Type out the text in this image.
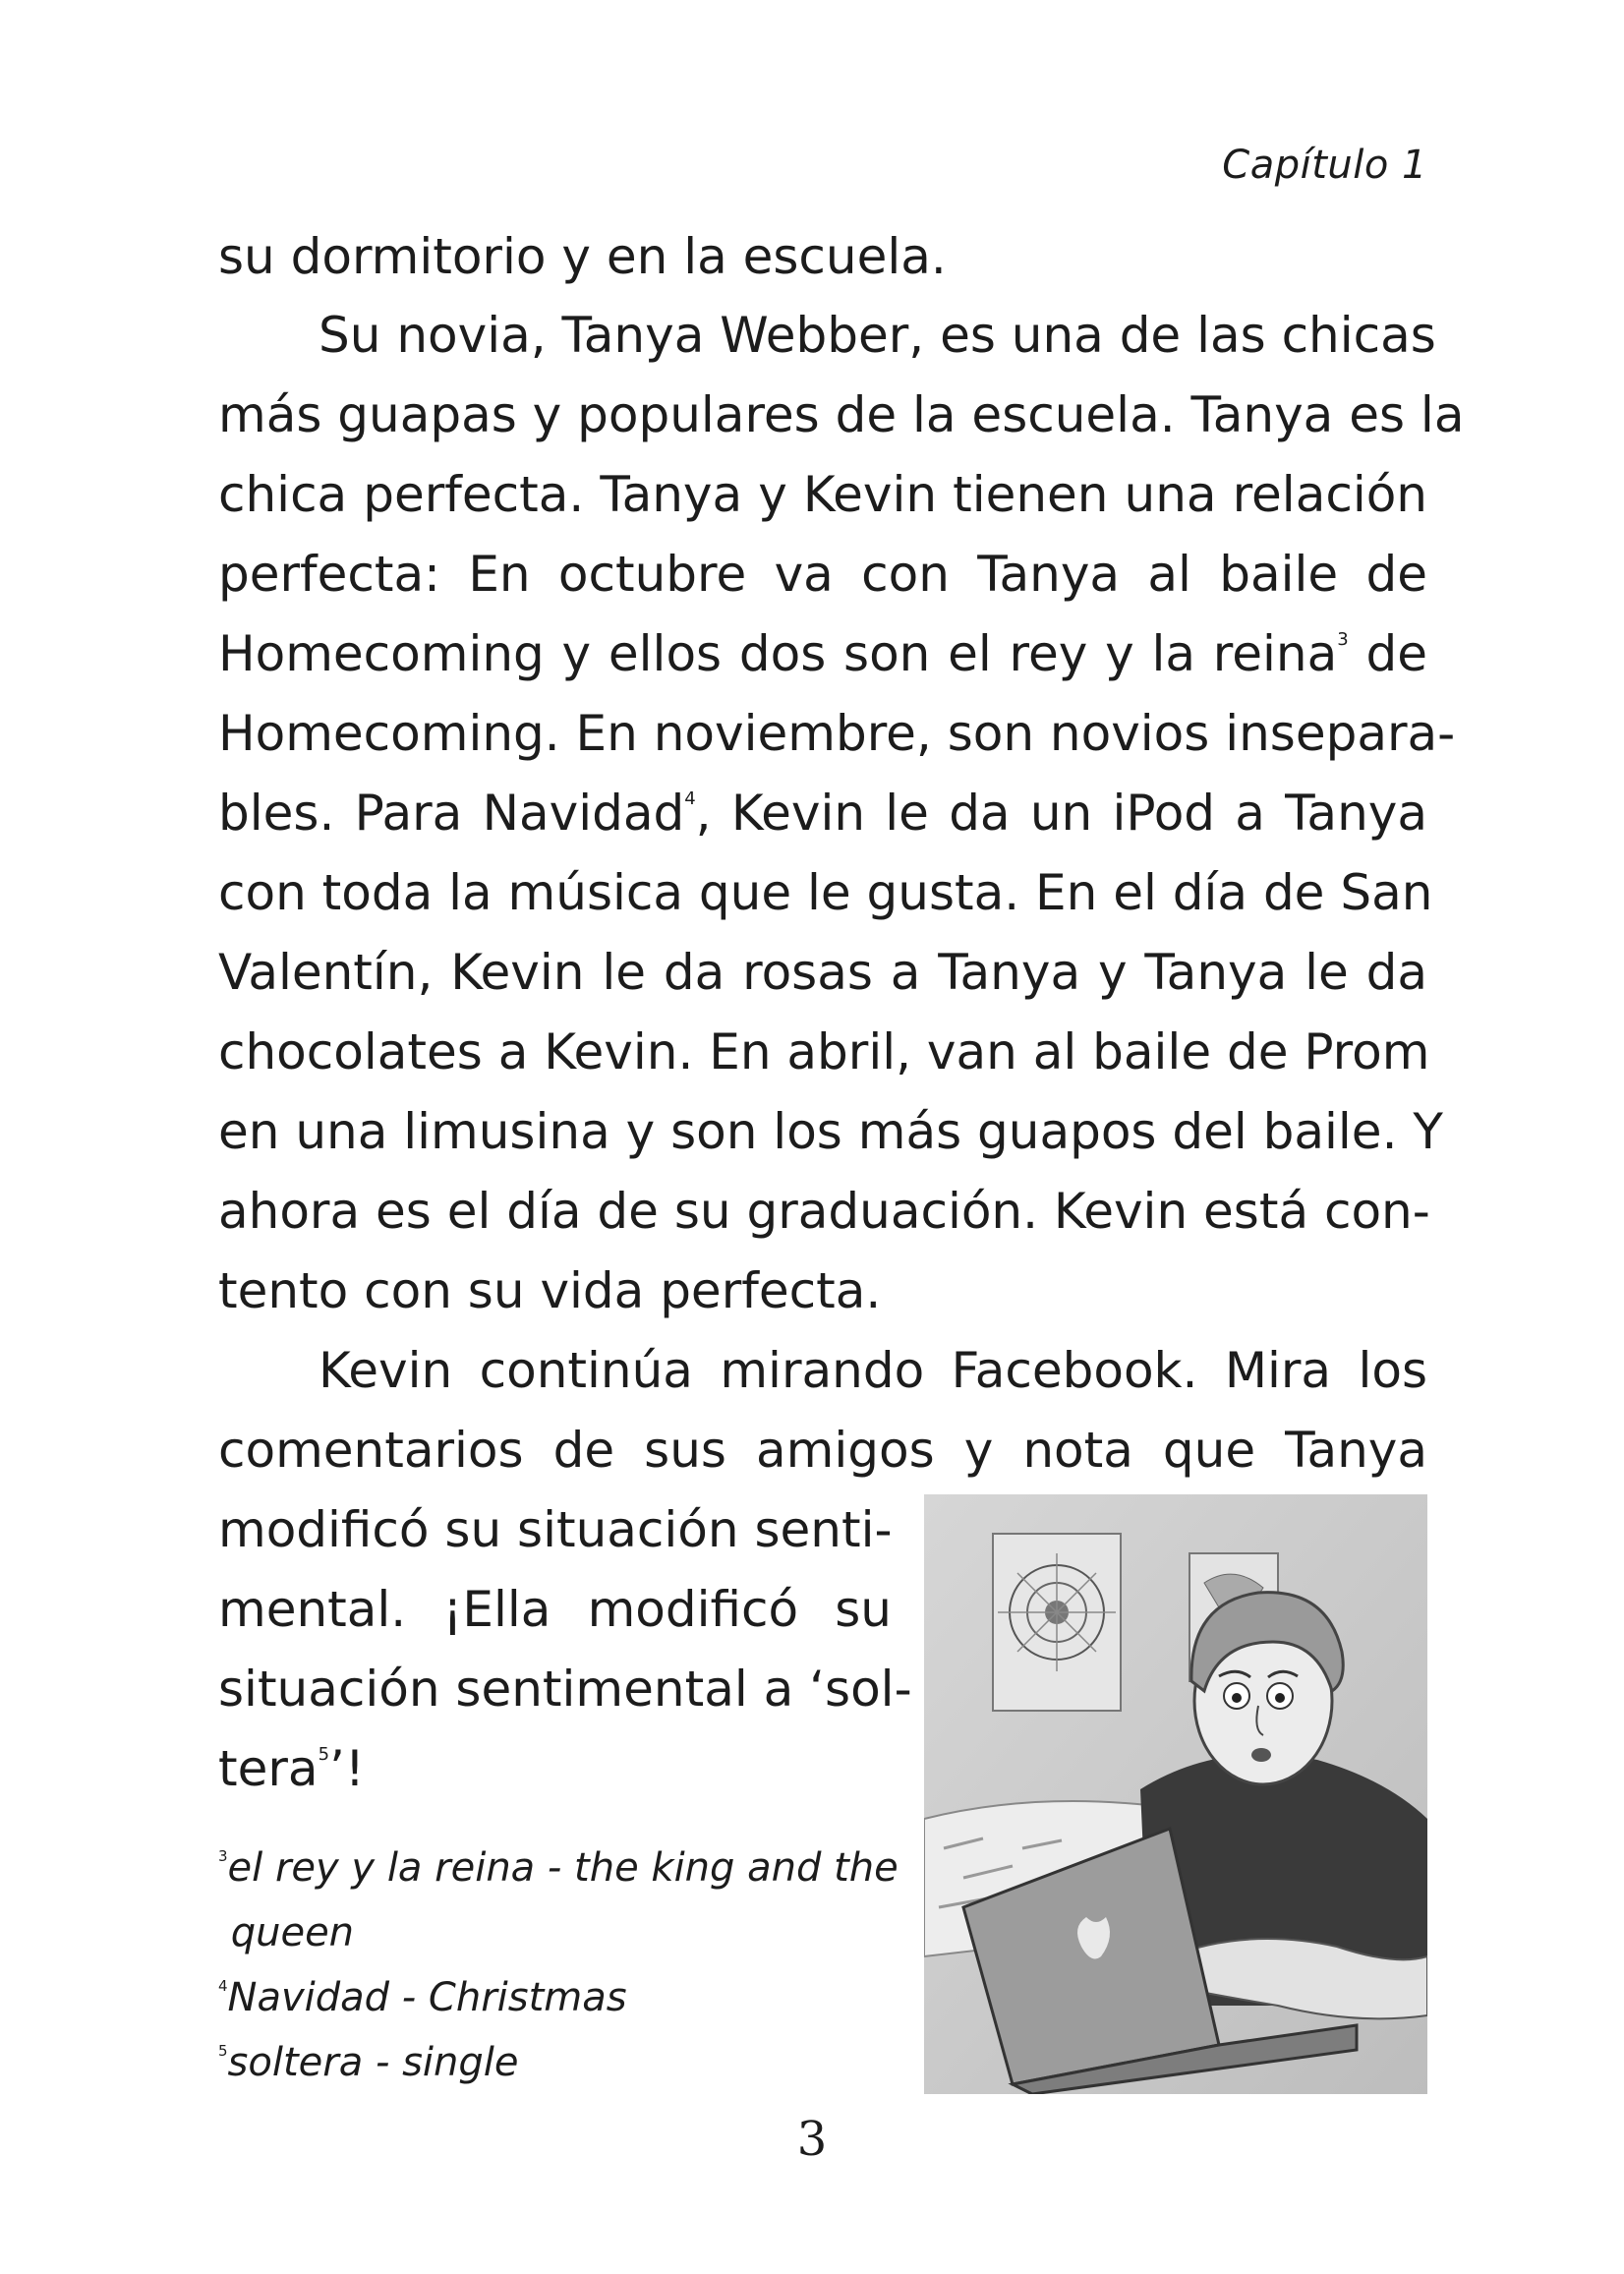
Capítulo 1
su dormitorio y en la escuela.
Su novia, Tanya Webber, es una de las chicas
más guapas y populares de la escuela. Tanya es la
chica perfecta. Tanya y Kevin tienen una relación
perfecta: En octubre va con Tanya al baile de
Homecoming y ellos dos son el rey y la reina$^3$ de
Homecoming. En noviembre, son novios insepara-
bles. Para Navidad$^4$, Kevin le da un iPod a Tanya
con toda la música que le gusta. En el día de San
Valentín, Kevin le da rosas a Tanya y Tanya le da
chocolates a Kevin. En abril, van al baile de Prom
en una limusina y son los más guapos del baile. Y
ahora es el día de su graduación. Kevin está con-
tento con su vida perfecta.
Kevin continúa mirando Facebook. Mira los
comentarios de sus amigos y nota que Tanya
modificó su situación senti-
mental. ¡Ella modificó su
situación sentimental a ‘sol-
tera$^5$’!
$^3$el rey y la reina - the king and the
queen
$^4$Navidad - Christmas
$^5$soltera - single
3
